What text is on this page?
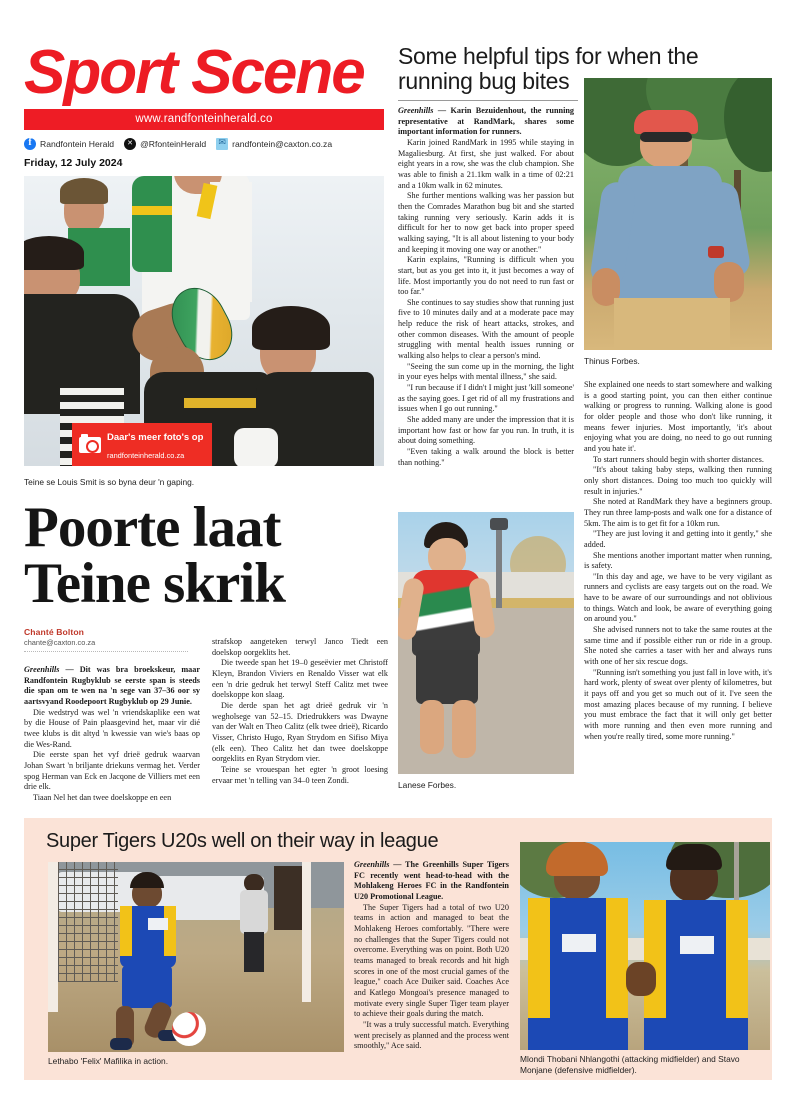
Sport Scene
www.randfonteinherald.co
f
Randfontein Herald ✕	@RfonteinHerald ✉	randfontein@caxton.co.za
Friday, 12 July 2024
Daar's meer foto's op
randfonteinherald.co.za
Teine se Louis Smit is so byna deur 'n gaping.
Poorte laat
Teine skrik
Chanté Bolton
chante@caxton.co.za

Greenhills — Dit was bra broekskeur, maar Randfontein Rugbyklub se eerste span is steeds die span om te wen na 'n sege van 37–36 oor sy aartsvyand Roodepoort Rugbyklub op 29 Junie.

Die wedstryd was wel 'n vriendskaplike een wat by die House of Pain plaasgevind het, maar vir dié twee klubs is dit altyd 'n kwessie van wie's baas op die Wes-Rand.

Die eerste span het vyf drieë gedruk waarvan Johan Swart 'n briljante driekuns vermag het. Verder spog Herman van Eck en Jacqone de Villiers met een drie elk.

Tiaan Nel het dan twee doelskoppe en een

strafskop aangeteken terwyl Janco Tiedt een doelskop oorgeklits het.

Die tweede span het 19–0 geseëvier met Christoff Kleyn, Brandon Viviers en Renaldo Visser wat elk een 'n drie gedruk het terwyl Steff Calitz met twee doelskoppe kon slaag.

Die derde span het agt drieë gedruk vir 'n wegholsege van 52–15. Driedrukkers was Dwayne van der Walt en Theo Calitz (elk twee drieë), Ricardo Visser, Christo Hugo, Ryan Strydom en Sifiso Miya (elk een). Theo Calitz het dan twee doelskoppe oorgeklits en Ryan Strydom vier.

Teine se vrouespan het egter 'n groot loesing ervaar met 'n telling van 34–0 teen Zondi.

Some helpful tips for when the running bug bites
Thinus Forbes.

Greenhills — Karin Bezuidenhout, the running representative at RandMark, shares some important information for runners.

Karin joined RandMark in 1995 while staying in Magaliesburg. At first, she just walked. For about eight years in a row, she was the club champion. She was able to finish a 21.1km walk in a time of 02:21 and a 10km walk in 62 minutes.

She further mentions walking was her passion but then the Comrades Marathon bug bit and she started taking running very seriously. Karin adds it is difficult for her to now get back into proper speed walking saying, "It is all about listening to your body and keeping it moving one way or another."

Karin explains, "Running is difficult when you start, but as you get into it, it just becomes a way of life. Most importantly you do not need to run fast or too far."

She continues to say studies show that running just five to 10 minutes daily and at a moderate pace may help reduce the risk of heart attacks, strokes, and other common diseases. With the amount of people struggling with mental health issues running or walking also helps to clear a person's mind.

"Seeing the sun come up in the morning, the light in your eyes helps with mental illness," she said.

"I run because if I didn't I might just 'kill someone' as the saying goes. I get rid of all my frustrations and issues when I go out running."

She added many are under the impression that it is important how fast or how far you run. In truth, it is about doing something.

"Even taking a walk around the block is better than nothing."

Lanese Forbes.

She explained one needs to start somewhere and walking is a good starting point, you can then either continue walking or progress to running. Walking alone is good for older people and those who don't like running, it means fewer injuries. Most importantly, 'it's about enjoying what you are doing, no need to go out running and you hate it'.

To start runners should begin with shorter distances.

"It's about taking baby steps, walking then running only short distances. Doing too much too quickly will result in injuries."

She noted at RandMark they have a beginners group. They run three lamp-posts and walk one for a distance of 5km. The aim is to get fit for a 10km run.

"They are just loving it and getting into it gently," she added.

She mentions another important matter when running, is safety.

"In this day and age, we have to be very vigilant as runners and cyclists are easy targets out on the road. We have to be aware of our surroundings and not oblivious to things. Watch and look, be aware of everything going on around you."

She advised runners not to take the same routes at the same time and if possible either run or ride in a group. She noted she carries a taser with her and always runs with one of her six rescue dogs.

"Running isn't something you just fall in love with, it's hard work, plenty of sweat over plenty of kilometres, but it pays off and you get so much out of it. I've seen the most amazing places because of my running. I believe you must embrace the fact that it will only get better with more running and then even more running and when you're really tired, some more running."

Super Tigers U20s well on their way in league
Lethabo 'Felix' Mafilika in action.

Greenhills — The Greenhills Super Tigers FC recently went head-to-head with the Mohlakeng Heroes FC in the Randfontein U20 Promotional League.

The Super Tigers had a total of two U20 teams in action and managed to beat the Mohlakeng Heroes comfortably. "There were no challenges that the Super Tigers could not overcome. Everything was on point. Both U20 teams managed to break records and hit high scores in one of the most crucial games of the league," coach Ace Duiker said. Coaches Ace and Katlego Mongoai's presence managed to motivate every single Super Tiger team player to achieve their goals during the match.

"It was a truly successful match. Everything went precisely as planned and the process went smoothly," Ace said.

Mlondi Thobani Nhlangothi (attacking midfielder) and Stavo Monjane (defensive midfielder).
